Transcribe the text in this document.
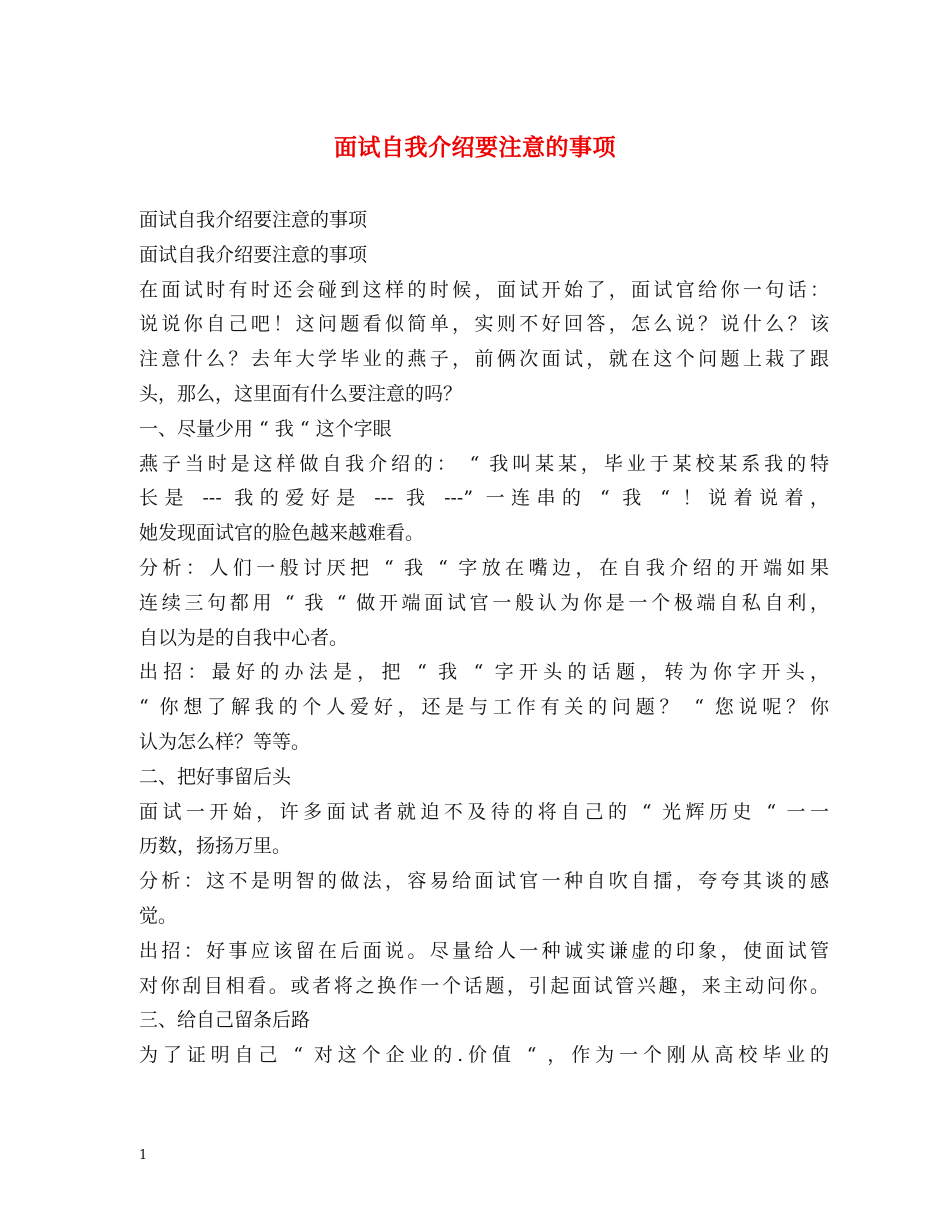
面试自我介绍要注意的事项
面试自我介绍要注意的事项
面试自我介绍要注意的事项
在面试时有时还会碰到这样的时候，面试开始了，面试官给你一句话：
说说你自己吧！这问题看似简单，实则不好回答，怎么说？说什么？该
注意什么？去年大学毕业的燕子，前俩次面试，就在这个问题上栽了跟
头，那么，这里面有什么要注意的吗？
一、尽量少用 “ 我 “ 这个字眼
燕子当时是这样做自我介绍的： “ 我叫某某，毕业于某校某系我的特
长是 --- 我的爱好是 --- 我 ---” 一连串的 “ 我 “ ！说着说着，
她发现面试官的脸色越来越难看。
分析：人们一般讨厌把 “ 我 “ 字放在嘴边，在自我介绍的开端如果
连续三句都用 “ 我 “ 做开端面试官一般认为你是一个极端自私自利，
自以为是的自我中心者。
出招：最好的办法是，把 “ 我 “ 字开头的话题，转为你字开头，
“ 你想了解我的个人爱好，还是与工作有关的问题？ “ 您说呢？你
认为怎么样？等等。
二、把好事留后头
面试一开始，许多面试者就迫不及待的将自己的 “ 光辉历史 “ 一一
历数，扬扬万里。
分析：这不是明智的做法，容易给面试官一种自吹自擂，夸夸其谈的感
觉。
出招：好事应该留在后面说。尽量给人一种诚实谦虚的印象，使面试管
对你刮目相看。或者将之换作一个话题，引起面试管兴趣，来主动问你。
三、给自己留条后路
为了证明自己 “ 对这个企业的.价值 “ ，作为一个刚从高校毕业的
1
